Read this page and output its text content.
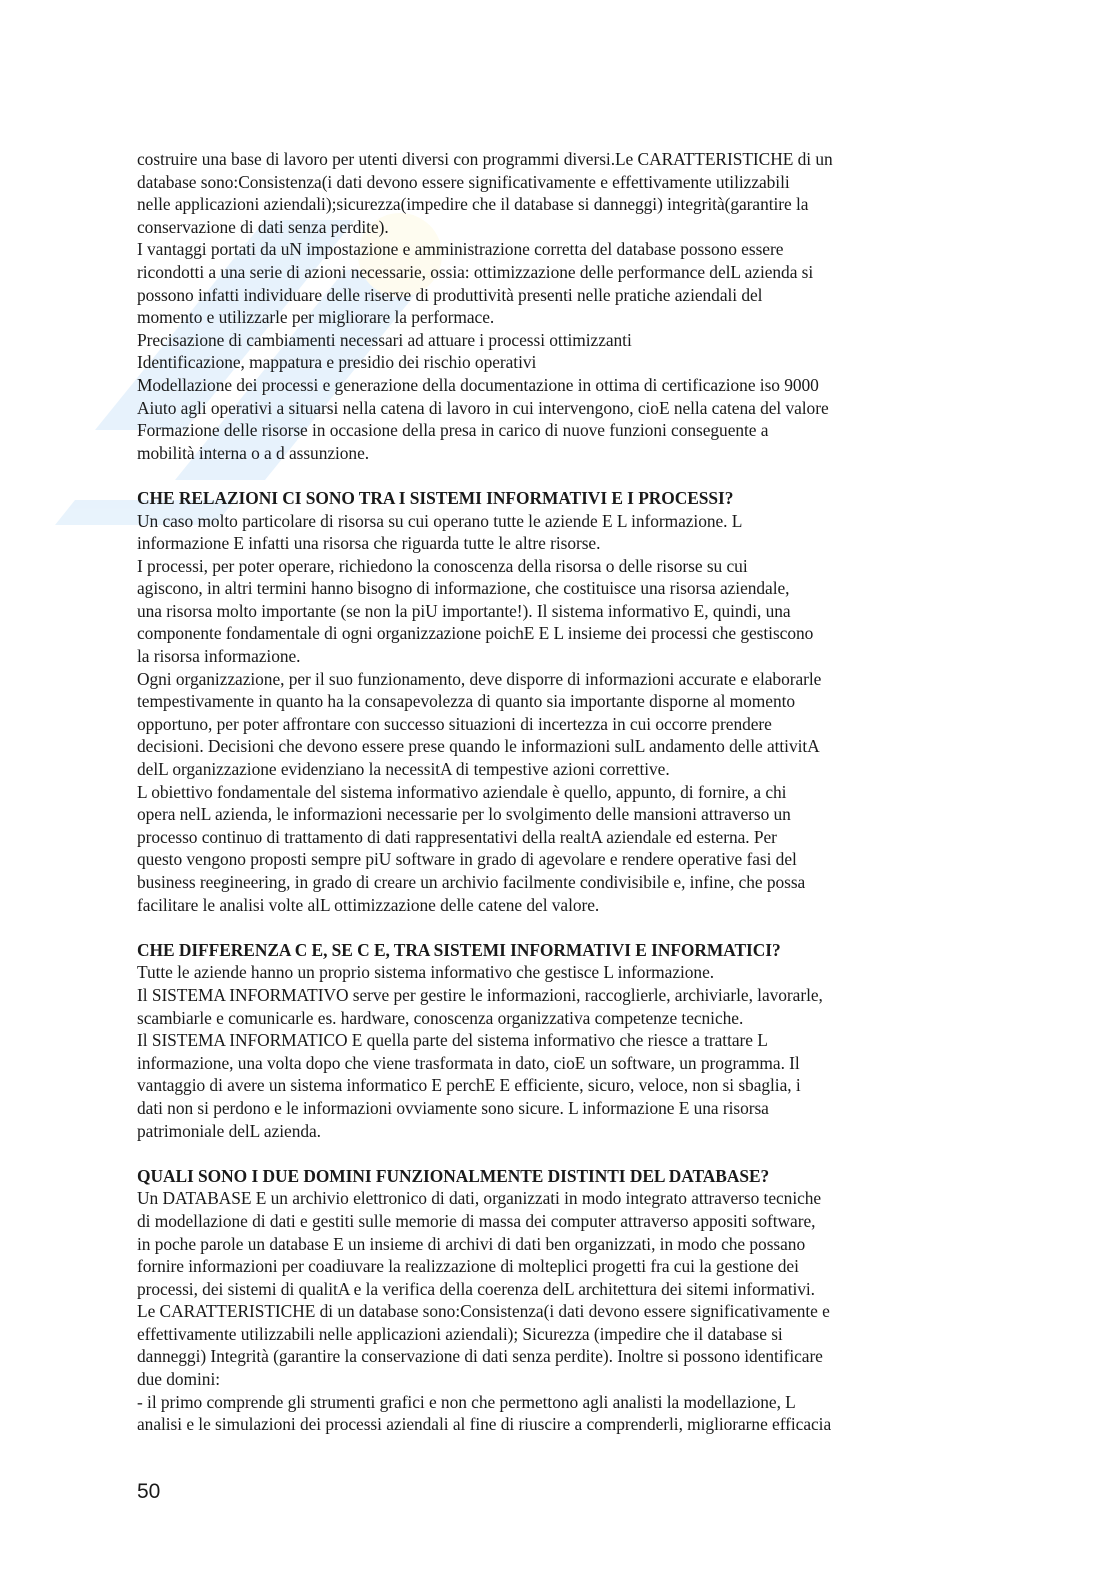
costruire una base di lavoro per utenti diversi con programmi diversi.Le CARATTERISTICHE di un

database sono:Consistenza(i dati devono essere significativamente e effettivamente utilizzabili

nelle applicazioni aziendali);sicurezza(impedire che il database si danneggi) integrità(garantire la

conservazione di dati senza perdite).

I vantaggi portati da uN impostazione e amministrazione corretta del database possono essere

ricondotti a una serie di azioni necessarie, ossia: ottimizzazione delle performance delL azienda si

possono infatti individuare delle riserve di produttività presenti nelle pratiche aziendali del

momento e utilizzarle per migliorare la performace.

Precisazione di cambiamenti necessari ad attuare i processi ottimizzanti

Identificazione, mappatura e presidio dei rischio operativi

Modellazione dei processi e generazione della documentazione in ottima di certificazione iso 9000

Aiuto agli operativi a situarsi nella catena di lavoro in cui intervengono, cioE nella catena del valore

Formazione delle risorse in occasione della presa in carico di nuove funzioni conseguente a

mobilità interna o a d assunzione.

CHE RELAZIONI CI SONO TRA I SISTEMI INFORMATIVI E I PROCESSI?

Un caso molto particolare di risorsa su cui operano tutte le aziende E L informazione. L

informazione E infatti una risorsa che riguarda tutte le altre risorse.

I processi, per poter operare, richiedono la conoscenza della risorsa o delle risorse su cui

agiscono, in altri termini hanno bisogno di informazione, che costituisce una risorsa aziendale,

una risorsa molto importante (se non la piU importante!). Il sistema informativo E, quindi, una

componente fondamentale di ogni organizzazione poichE E L insieme dei processi che gestiscono

la risorsa informazione.

Ogni organizzazione, per il suo funzionamento, deve disporre di informazioni accurate e elaborarle

tempestivamente in quanto ha la consapevolezza di quanto sia importante disporne al momento

opportuno, per poter affrontare con successo situazioni di incertezza in cui occorre prendere

decisioni. Decisioni che devono essere prese quando le informazioni sulL andamento delle attivitA

delL organizzazione evidenziano la necessitA di tempestive azioni correttive.

L obiettivo fondamentale del sistema informativo aziendale è quello, appunto, di fornire, a chi

opera nelL azienda, le informazioni necessarie per lo svolgimento delle mansioni attraverso un

processo continuo di trattamento di dati rappresentativi della realtA aziendale ed esterna. Per

questo vengono proposti sempre piU software in grado di agevolare e rendere operative fasi del

business reegineering, in grado di creare un archivio facilmente condivisibile e, infine, che possa

facilitare le analisi volte alL ottimizzazione delle catene del valore.

CHE DIFFERENZA C E, SE C E, TRA SISTEMI INFORMATIVI E INFORMATICI?

Tutte le aziende hanno un proprio sistema informativo che gestisce L informazione.

Il SISTEMA INFORMATIVO serve per gestire le informazioni, raccoglierle, archiviarle, lavorarle,

scambiarle e comunicarle es. hardware, conoscenza organizzativa competenze tecniche.

Il SISTEMA INFORMATICO E quella parte del sistema informativo che riesce a trattare L

informazione, una volta dopo che viene trasformata in dato, cioE un software, un programma. Il

vantaggio di avere un sistema informatico E perchE E efficiente, sicuro, veloce, non si sbaglia, i

dati non si perdono e le informazioni ovviamente sono sicure. L informazione E una risorsa

patrimoniale delL azienda.

QUALI SONO I DUE DOMINI FUNZIONALMENTE DISTINTI DEL DATABASE?

Un DATABASE E un archivio elettronico di dati, organizzati in modo integrato attraverso tecniche

di modellazione di dati e gestiti sulle memorie di massa dei computer attraverso appositi software,

in poche parole un database E un insieme di archivi di dati ben organizzati, in modo che possano

fornire informazioni per coadiuvare la realizzazione di molteplici progetti fra cui la gestione dei

processi, dei sistemi di qualitA e la verifica della coerenza delL architettura dei sitemi informativi.

Le CARATTERISTICHE di un database sono:Consistenza(i dati devono essere significativamente e

effettivamente utilizzabili nelle applicazioni aziendali); Sicurezza (impedire che il database si

danneggi) Integrità (garantire la conservazione di dati senza perdite). Inoltre si possono identificare

due domini:

- il primo comprende gli strumenti grafici e non che permettono agli analisti la modellazione, L

analisi e le simulazioni dei processi aziendali al fine di riuscire a comprenderli, migliorarne efficacia

50
